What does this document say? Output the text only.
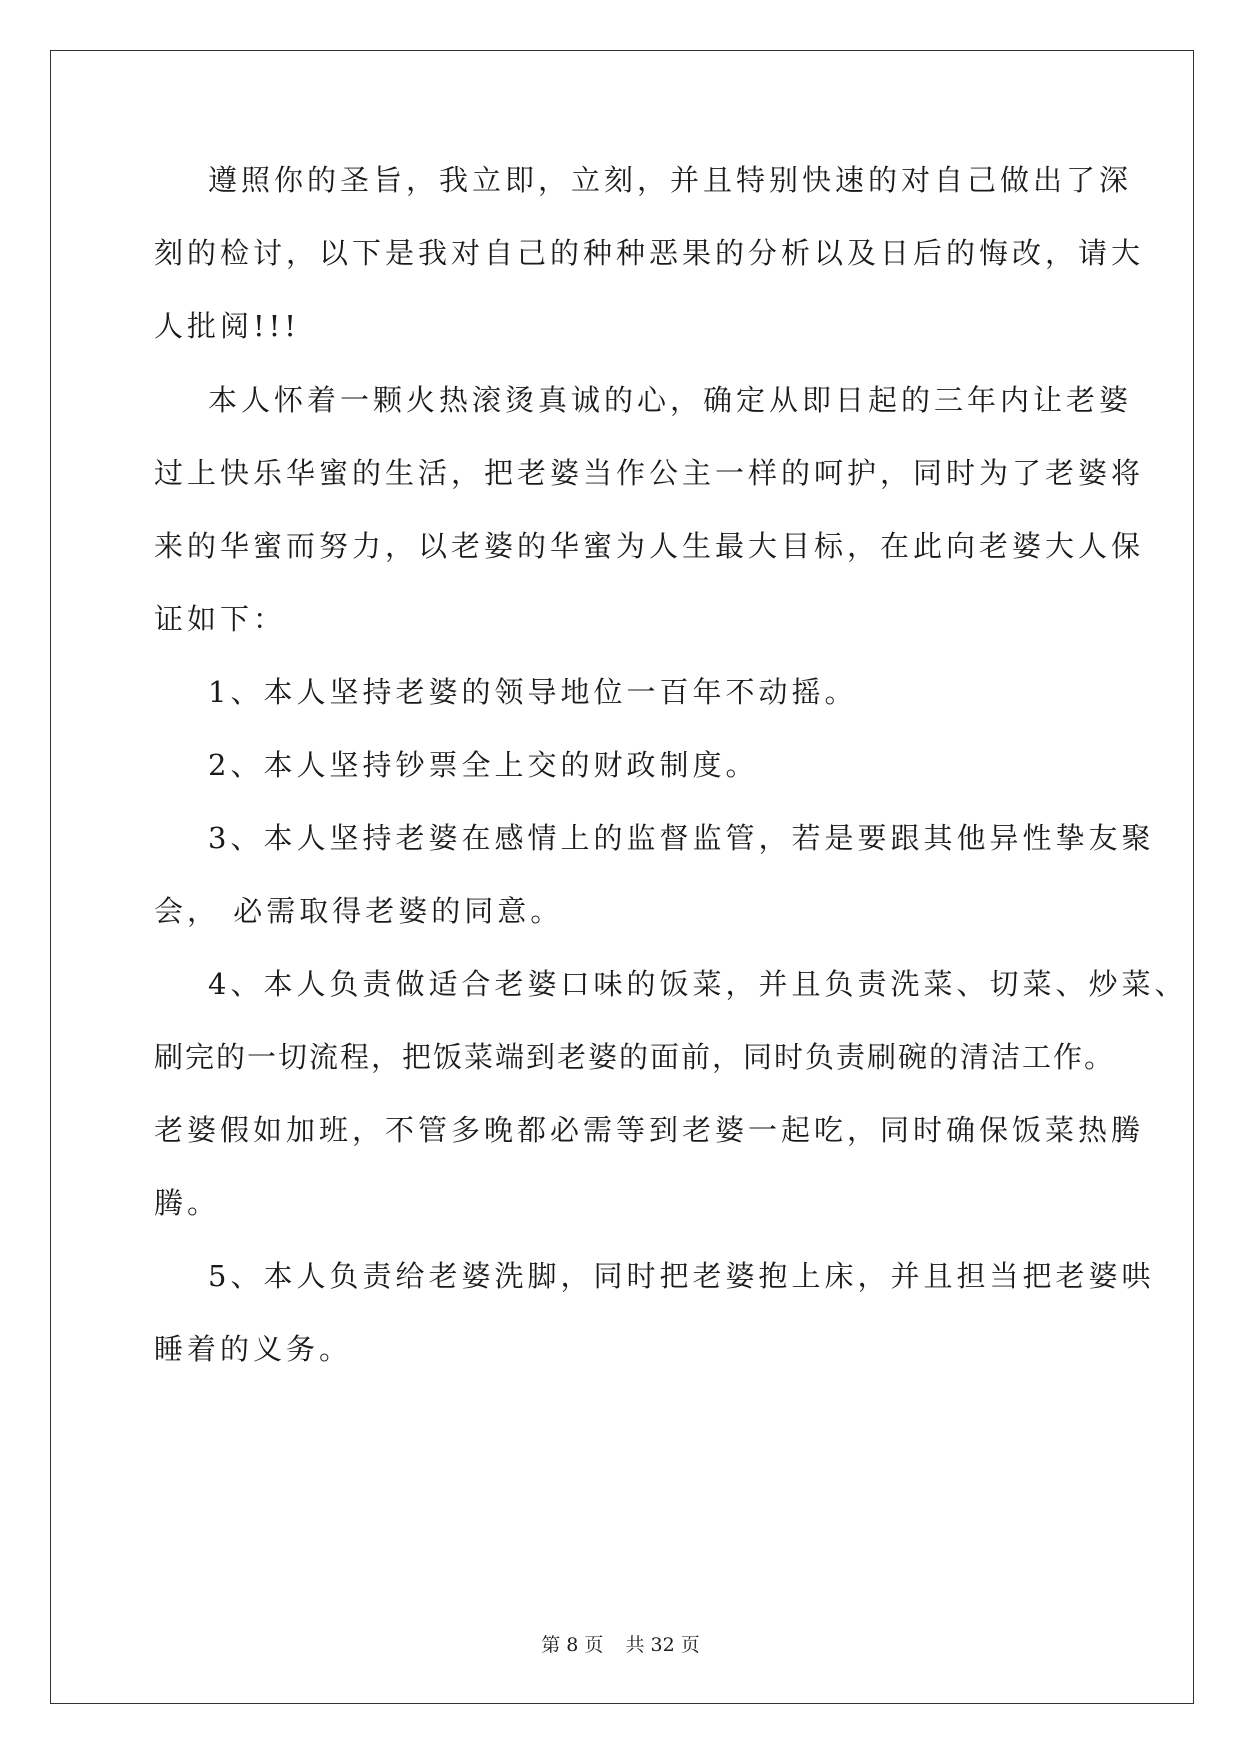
遵照你的圣旨，我立即，立刻，并且特别快速的对自己做出了深
刻的检讨，以下是我对自己的种种恶果的分析以及日后的悔改，请大
人批阅!!!
本人怀着一颗火热滚烫真诚的心，确定从即日起的三年内让老婆
过上快乐华蜜的生活，把老婆当作公主一样的呵护，同时为了老婆将
来的华蜜而努力，以老婆的华蜜为人生最大目标，在此向老婆大人保
证如下：
1、本人坚持老婆的领导地位一百年不动摇。
2、本人坚持钞票全上交的财政制度。
3、本人坚持老婆在感情上的监督监管，若是要跟其他异性挚友聚
会， 必需取得老婆的同意。
4、本人负责做适合老婆口味的饭菜，并且负责洗菜、切菜、炒菜、
刷完的一切流程，把饭菜端到老婆的面前，同时负责刷碗的清洁工作。
老婆假如加班，不管多晚都必需等到老婆一起吃，同时确保饭菜热腾
腾。
5、本人负责给老婆洗脚，同时把老婆抱上床，并且担当把老婆哄
睡着的义务。
第 8 页 共 32 页
